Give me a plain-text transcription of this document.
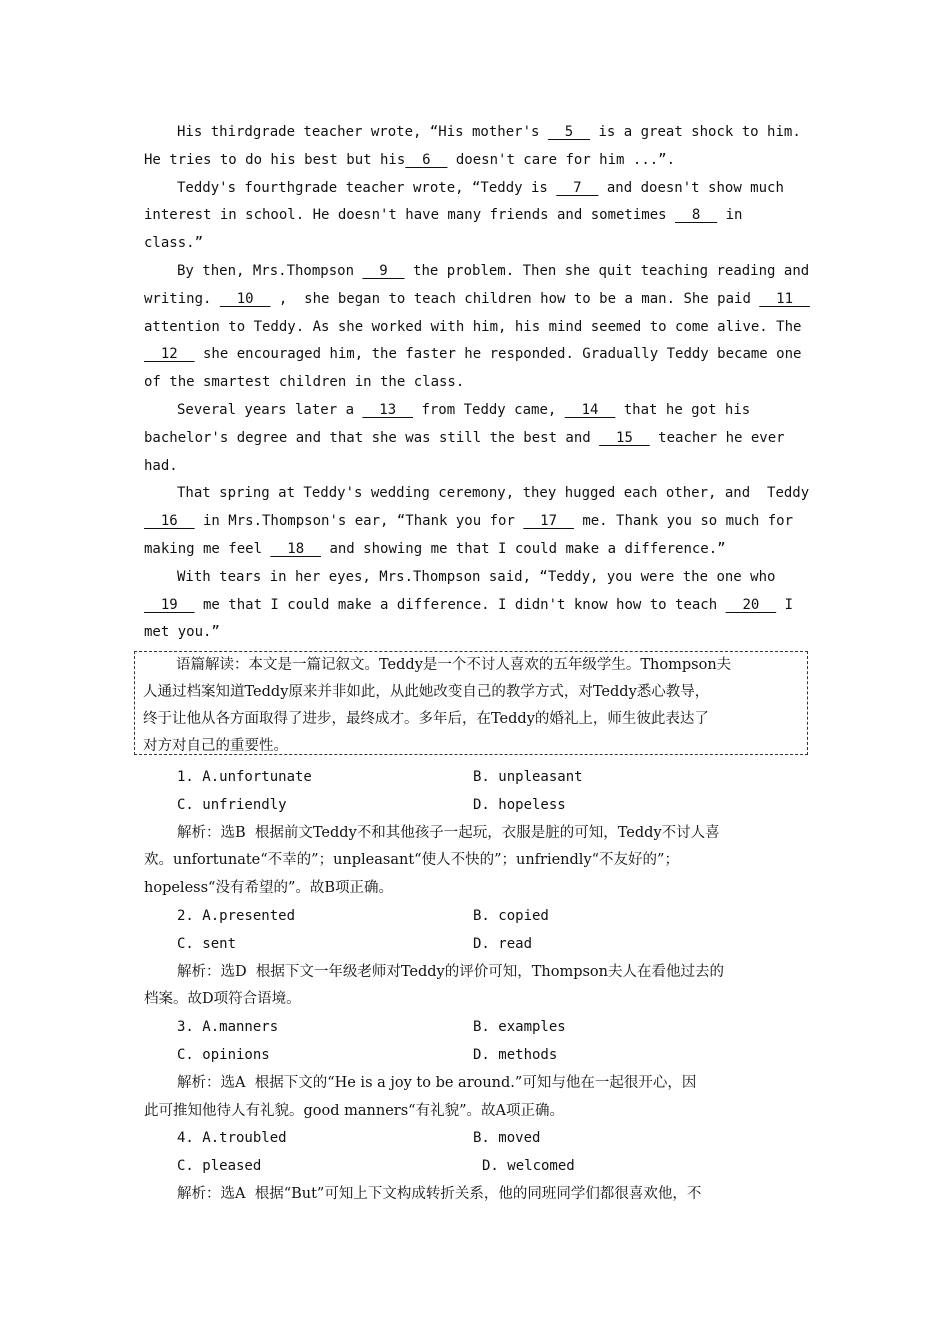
His thirdgrade teacher wrote, “His mother's   5   is a great shock to him.
He tries to do his best but his  6   doesn't care for him ...”.
Teddy's fourthgrade teacher wrote, “Teddy is   7   and doesn't show much
interest in school. He doesn't have many friends and sometimes   8   in
class.”
By then, Mrs.Thompson   9   the problem. Then she quit teaching reading and
writing.   10   ,  she began to teach children how to be a man. She paid   11
attention to Teddy. As she worked with him, his mind seemed to come alive. The
12   she encouraged him, the faster he responded. Gradually Teddy became one
of the smartest children in the class.
Several years later a   13   from Teddy came,   14   that he got his
bachelor's degree and that she was still the best and   15   teacher he ever
had.
That spring at Teddy's wedding ceremony, they hugged each other, and  Teddy
16   in Mrs.Thompson's ear, “Thank you for   17   me. Thank you so much for
making me feel   18   and showing me that I could make a difference.”
With tears in her eyes, Mrs.Thompson said, “Teddy, you were the one who
19   me that I could make a difference. I didn't know how to teach   20   I
met you.”
语篇解读：本文是一篇记叙文。Teddy是一个不讨人喜欢的五年级学生。Thompson夫
人通过档案知道Teddy原来并非如此，从此她改变自己的教学方式，对Teddy悉心教导，
终于让他从各方面取得了进步，最终成才。多年后，在Teddy的婚礼上，师生彼此表达了
对方对自己的重要性。
1. A.unfortunate	B. unpleasant
C. unfriendly	D. hopeless
解析：选B  根据前文Teddy不和其他孩子一起玩，衣服是脏的可知，Teddy不讨人喜
欢。unfortunate“不幸的”；unpleasant“使人不快的”；unfriendly“不友好的”；
hopeless“没有希望的”。故B项正确。
2. A.presented	B. copied
C. sent	D. read
解析：选D  根据下文一年级老师对Teddy的评价可知，Thompson夫人在看他过去的
档案。故D项符合语境。
3. A.manners	B. examples
C. opinions	D. methods
解析：选A  根据下文的“He is a joy to be around.”可知与他在一起很开心，因
此可推知他待人有礼貌。good manners“有礼貌”。故A项正确。
4. A.troubled	B. moved
C. pleased	D. welcomed
解析：选A  根据“But”可知上下文构成转折关系，他的同班同学们都很喜欢他，不
